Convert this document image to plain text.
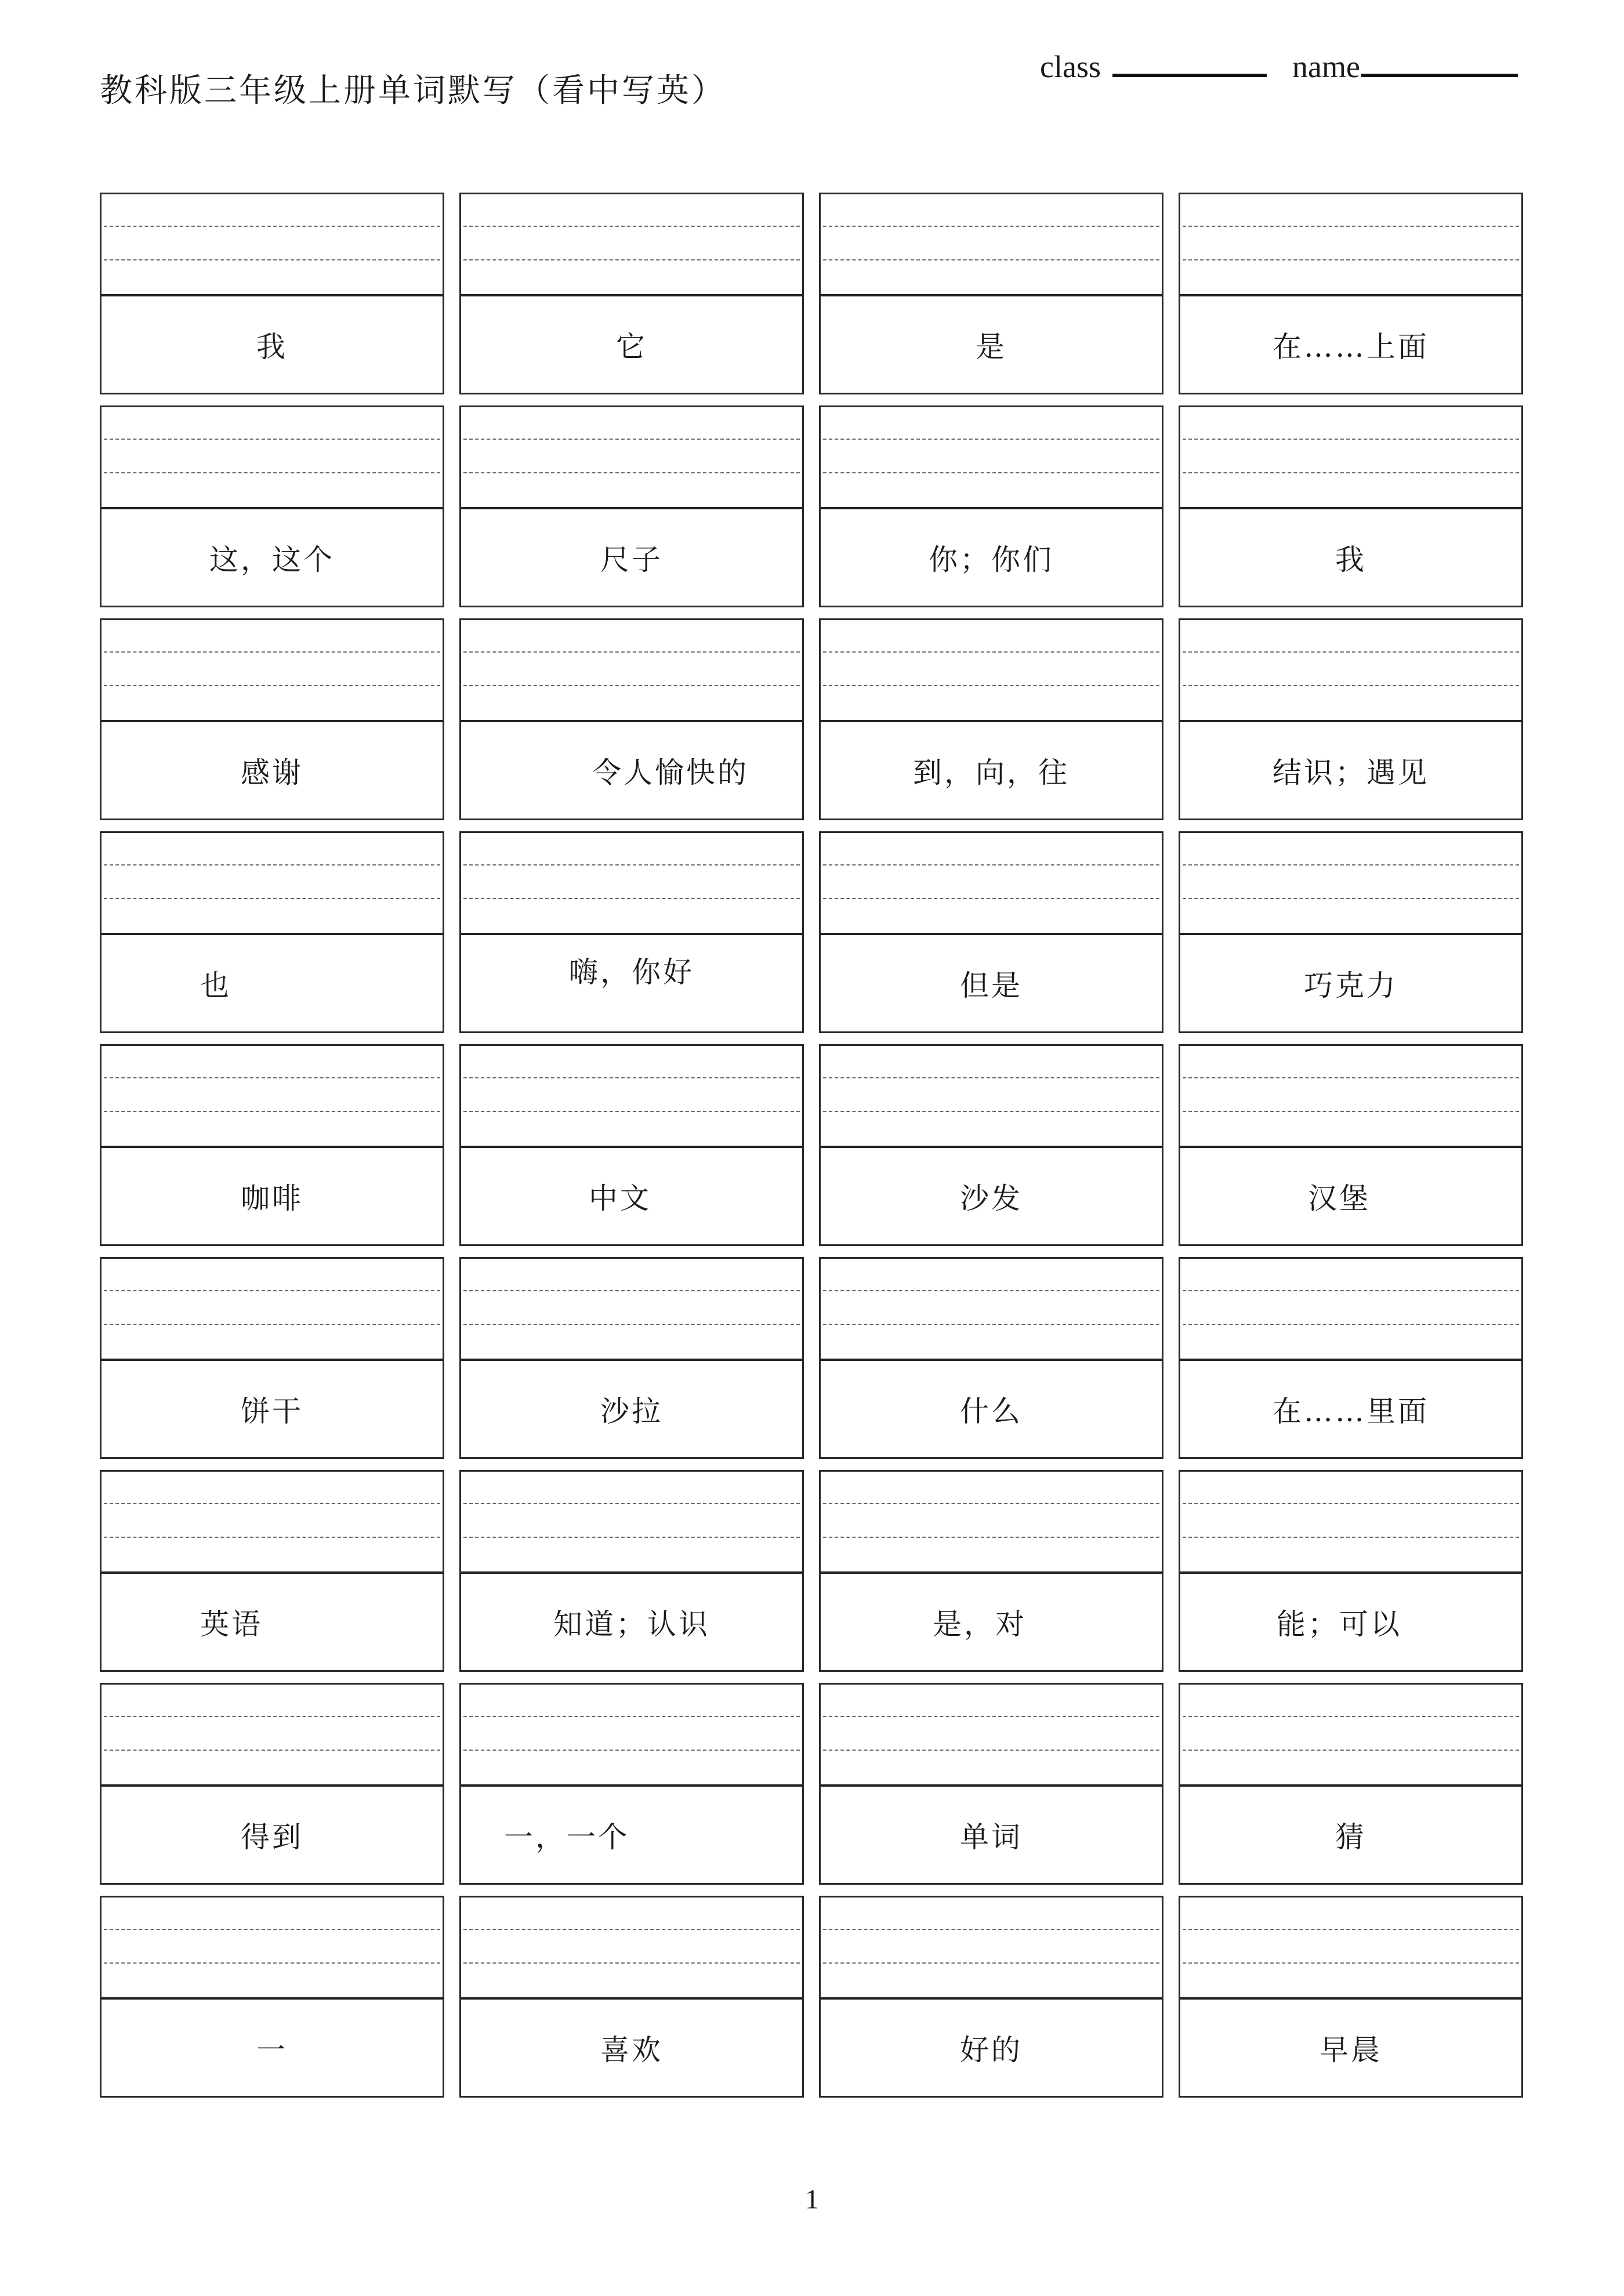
教科版三年级上册单词默写（看中写英）
class	name
我	它	是	在……上面
这，这个	尺子	你；你们	我
感谢	令人愉快的	到，向，往	结识；遇见
也	嗨，你好	但是	巧克力
咖啡	中文	沙发	汉堡
饼干	沙拉	什么	在……里面
英语	知道；认识	是，对	能；可以
得到	一，一个	单词	猜
一	喜欢	好的	早晨
1
